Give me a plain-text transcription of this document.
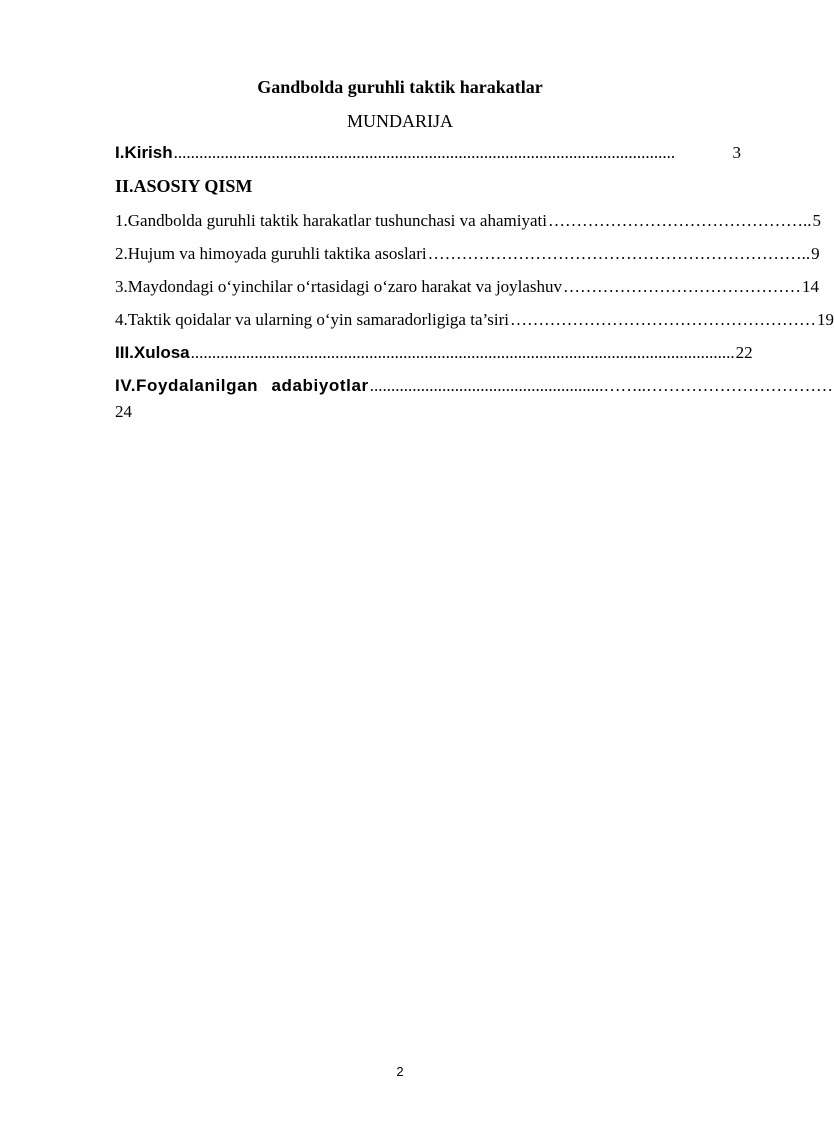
Gandbolda guruhli taktik harakatlar
MUNDARIJA
I.Kirish ......................................................................................................................	3
II.ASOSIY QISM
1.Gandbolda guruhli taktik harakatlar tushunchasi va ahamiyati ……………………………………….. 5
2.Hujum va himoyada guruhli taktika asoslari ………………………………………………………….. 9
3.Maydondagi o‘yinchilar o‘rtasidagi o‘zaro harakat va joylashuv …………………………………… 14
4.Taktik qoidalar va ularning o‘yin samaradorligiga ta’siri ……………………………………………… 19
III.Xulosa ................................................................................................................................ 22
IV.Foydalanilgan adabiyotlar .......................................................……..……………………………
24
2
